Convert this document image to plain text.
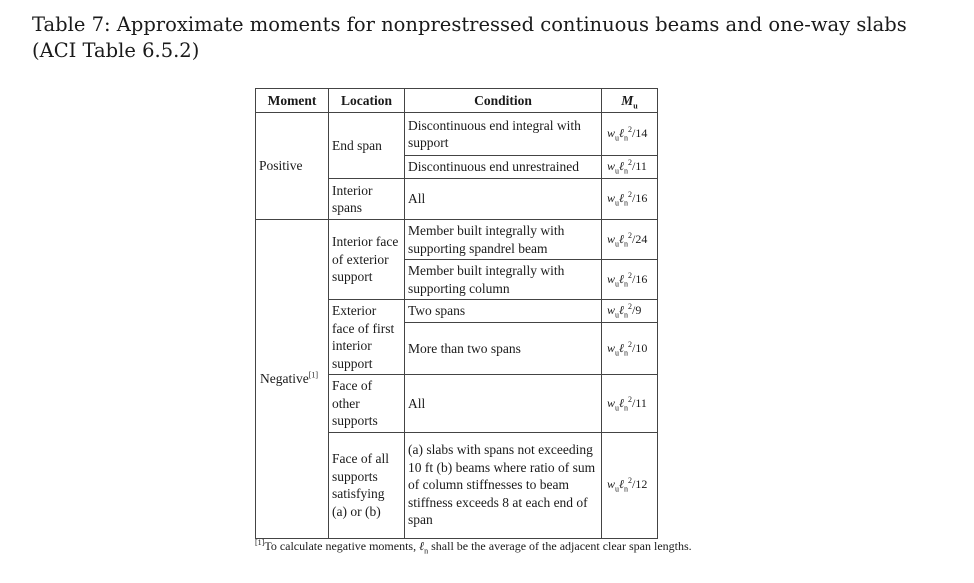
Table 7: Approximate moments for nonprestressed continuous beams and one-way slabs (ACI Table 6.5.2)
Moment	Location	Condition	$M_u$
Positive	End span	Discontinuous end integral with support	$w_u\ell_n^2/14$
		Discontinuous end unrestrained	$w_u\ell_n^2/11$
	Interior spans	All	$w_u\ell_n^2/16$
Negative[1]	Interior face of exterior support	Member built integrally with supporting spandrel beam	$w_u\ell_n^2/24$
		Member built integrally with supporting column	$w_u\ell_n^2/16$
	Exterior face of first interior support	Two spans	$w_u\ell_n^2/9$
		More than two spans	$w_u\ell_n^2/10$
	Face of other supports	All	$w_u\ell_n^2/11$
	Face of all supports satisfying (a) or (b)	(a) slabs with spans not exceeding 10 ft (b) beams where ratio of sum of column stiffnesses to beam stiffness exceeds 8 at each end of span	$w_u\ell_n^2/12$
[1]To calculate negative moments, ℓ$_n$ shall be the average of the adjacent clear span lengths.
